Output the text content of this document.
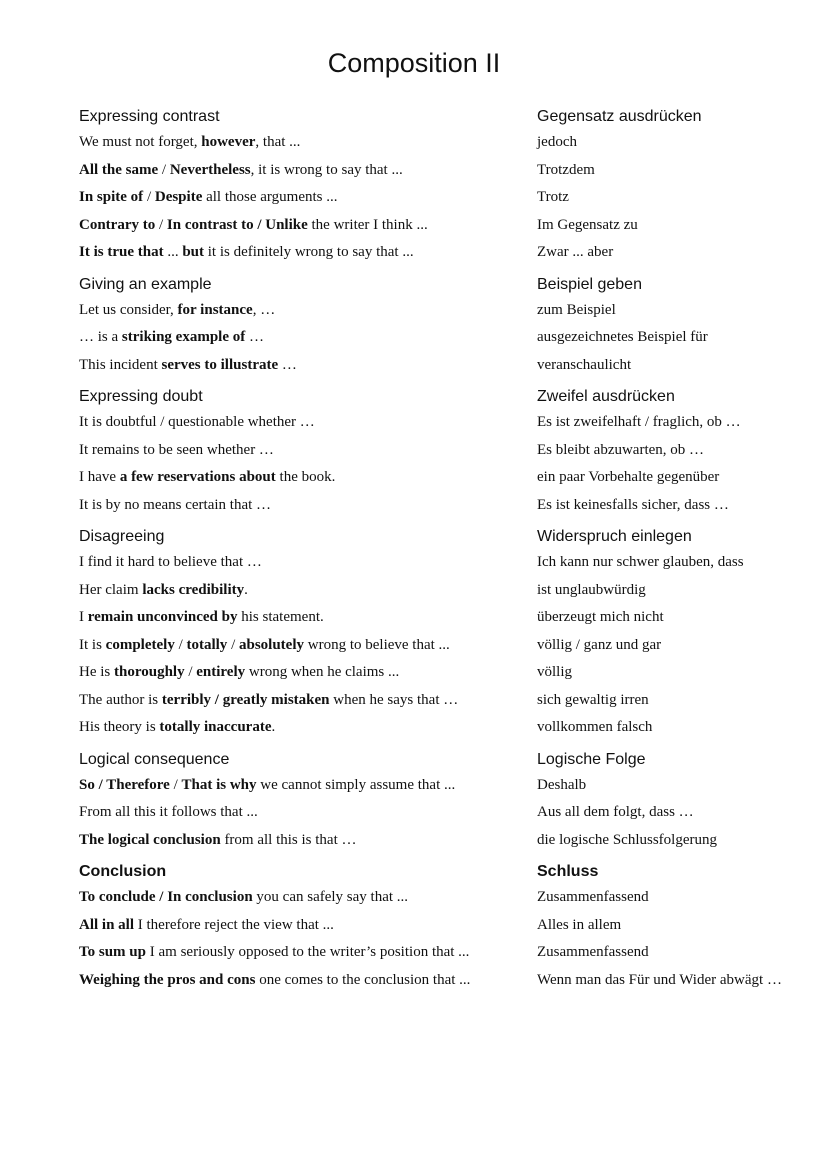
Composition II
Expressing contrast	Gegensatz ausdrücken
We must not forget, however, that ...	jedoch
All the same / Nevertheless, it is wrong to say that ...	Trotzdem
In spite of / Despite all those arguments ...	Trotz
Contrary to / In contrast to / Unlike the writer I think ...	Im Gegensatz zu
It is true that ... but it is definitely wrong to say that ...	Zwar ... aber
Giving an example	Beispiel geben
Let us consider, for instance, …	zum Beispiel
… is a striking example of …	ausgezeichnetes Beispiel für
This incident serves to illustrate …	veranschaulicht
Expressing doubt	Zweifel ausdrücken
It is doubtful / questionable whether …	Es ist zweifelhaft / fraglich, ob …
It remains to be seen whether …	Es bleibt abzuwarten, ob …
I have a few reservations about the book.	ein paar Vorbehalte gegenüber
It is by no means certain that …	Es ist keinesfalls sicher, dass …
Disagreeing	Widerspruch einlegen
I find it hard to believe that …	Ich kann nur schwer glauben, dass
Her claim lacks credibility.	ist unglaubwürdig
I remain unconvinced by his statement.	überzeugt mich nicht
It is completely / totally / absolutely wrong to believe that ...	völlig / ganz und gar
He is thoroughly / entirely wrong when he claims ...	völlig
The author is terribly / greatly mistaken when he says that …	sich gewaltig irren
His theory is totally inaccurate.	vollkommen falsch
Logical consequence	Logische Folge
So / Therefore / That is why we cannot simply assume that ...	Deshalb
From all this it follows that ...	Aus all dem folgt, dass …
The logical conclusion from all this is that …	die logische Schlussfolgerung
Conclusion	Schluss
To conclude / In conclusion you can safely say that ...	Zusammenfassend
All in all I therefore reject the view that ...	Alles in allem
To sum up I am seriously opposed to the writer’s position that ...	Zusammenfassend
Weighing the pros and cons one comes to the conclusion that ...	Wenn man das Für und Wider abwägt …
